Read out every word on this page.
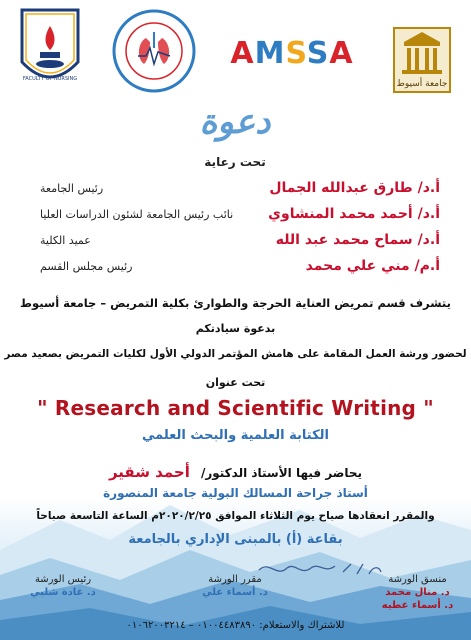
FACULTY OF NURSING
AMSSA
جامعة أسيوط
دعوة
تحت رعاية
أ.د/ طارق عبدالله الجمال
رئيس الجامعة
أ.د/ أحمد محمد المنشاوي
نائب رئيس الجامعة لشئون الدراسات العليا
أ.د/ سماح محمد عبد الله
عميد الكلية
أ.م/ مني علي محمد
رئيس مجلس القسم
يتشرف قسم تمريض العناية الحرجة والطوارئ بكلية التمريض – جامعة أسيوط
بدعوة سيادتكم
لحضور ورشة العمل المقامة على هامش المؤتمر الدولي الأول لكليات التمريض بصعيد مصر
تحت عنوان
" Research and Scientific Writing "
الكتابة العلمية والبحث العلمي
يحاضر فيها الأستاذ الدكتور/ أحمد شقير
أستاذ جراحة المسالك البولية جامعة المنصورة
والمقرر انعقادها صباح يوم الثلاثاء الموافق ٢٠٢٠/٢/٢٥م الساعة التاسعة صباحاً
بقاعة (أ) بالمبنى الإداري بالجامعة
منسق الورشة
د. منال محمد
د. أسماء عطيه
مقرر الورشة
د. أسماء علي
رئيس الورشة
د. غادة شلبي
للاشتراك والاستعلام: ٠١٠٠٤٤٨٣٨٩٠ – ٠١٠٦٢٠٠٣٢١٤
